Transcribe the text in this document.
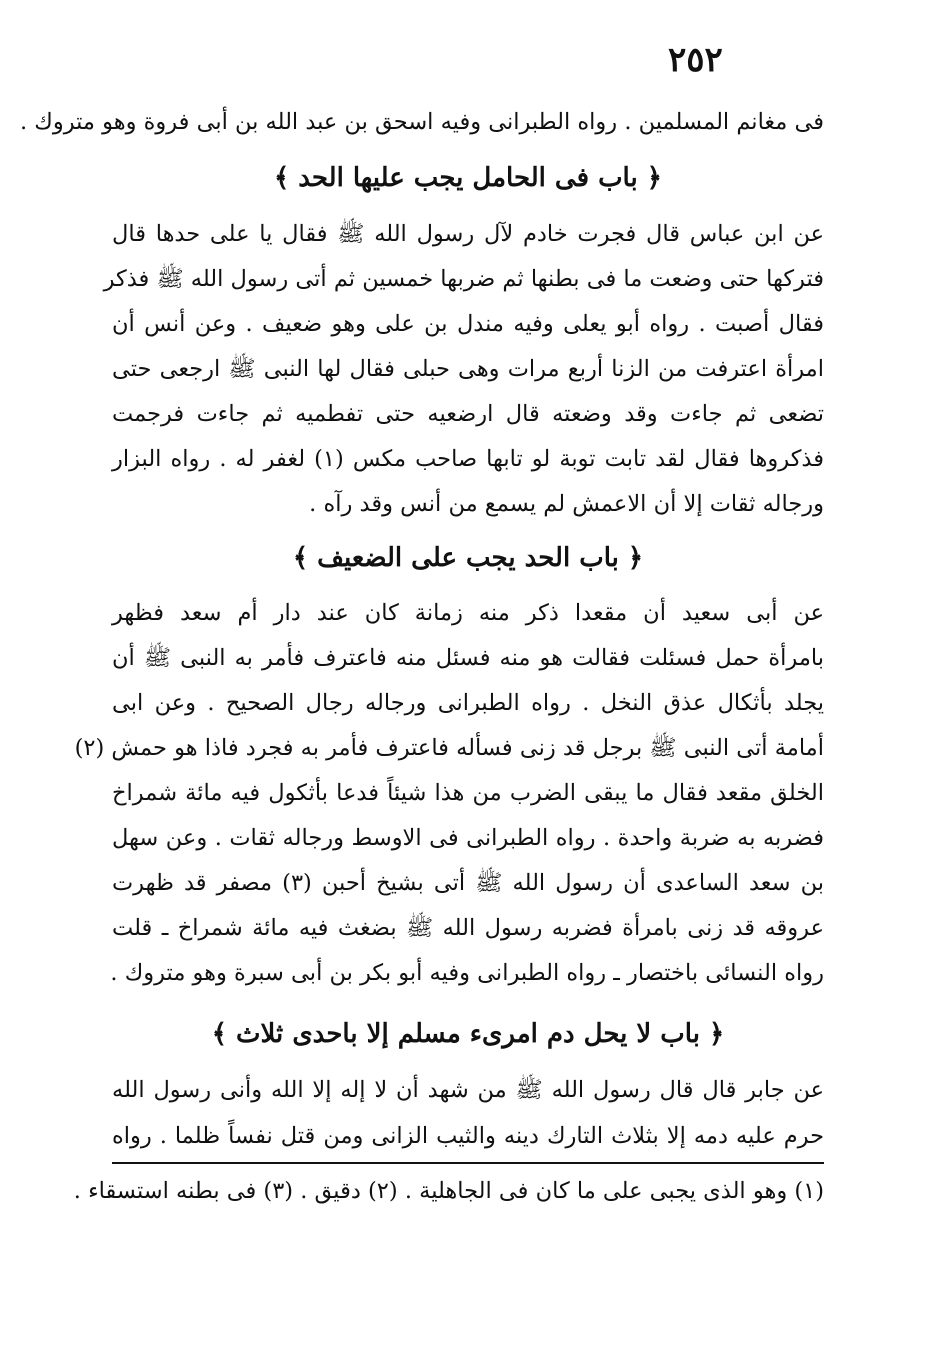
٢٥٢
فى مغانم المسلمين . رواه الطبرانى وفيه اسحق بن عبد الله بن أبى فروة وهو متروك .
﴿ باب فى الحامل يجب عليها الحد ﴾
عن ابن عباس قال فجرت خادم لآل رسول الله ﷺ فقال يا على حدها قال
فتركها حتى وضعت ما فى بطنها ثم ضربها خمسين ثم أتى رسول الله ﷺ فذكر
فقال أصبت . رواه أبو يعلى وفيه مندل بن على وهو ضعيف . وعن أنس أن
امرأة اعترفت من الزنا أربع مرات وهى حبلى فقال لها النبى ﷺ ارجعى حتى
تضعى ثم جاءت وقد وضعته قال ارضعيه حتى تفطميه ثم جاءت فرجمت
فذكروها فقال لقد تابت توبة لو تابها صاحب مكس (١) لغفر له . رواه البزار
ورجاله ثقات إلا أن الاعمش لم يسمع من أنس وقد رآه .
﴿ باب الحد يجب على الضعيف ﴾
عن أبى سعيد أن مقعدا ذكر منه زمانة كان عند دار أم سعد فظهر
بامرأة حمل فسئلت فقالت هو منه فسئل منه فاعترف فأمر به النبى ﷺ أن
يجلد بأثكال عذق النخل . رواه الطبرانى ورجاله رجال الصحيح . وعن ابى
أمامة أتى النبى ﷺ برجل قد زنى فسأله فاعترف فأمر به فجرد فاذا هو حمش (٢)
الخلق مقعد فقال ما يبقى الضرب من هذا شيئاً فدعا بأثكول فيه مائة شمراخ
فضربه به ضربة واحدة . رواه الطبرانى فى الاوسط ورجاله ثقات . وعن سهل
بن سعد الساعدى أن رسول الله ﷺ أتى بشيخ أحبن (٣) مصفر قد ظهرت
عروقه قد زنى بامرأة فضربه رسول الله ﷺ بضغث فيه مائة شمراخ ـ قلت
رواه النسائى باختصار ـ رواه الطبرانى وفيه أبو بكر بن أبى سبرة وهو متروك .
﴿ باب لا يحل دم امرىء مسلم إلا باحدى ثلاث ﴾
عن جابر قال قال رسول الله ﷺ من شهد أن لا إله إلا الله وأنى رسول الله
حرم عليه دمه إلا بثلاث التارك دينه والثيب الزانى ومن قتل نفساً ظلما . رواه
(١) وهو الذى يجبى على ما كان فى الجاهلية . (٢) دقيق . (٣) فى بطنه استسقاء .
